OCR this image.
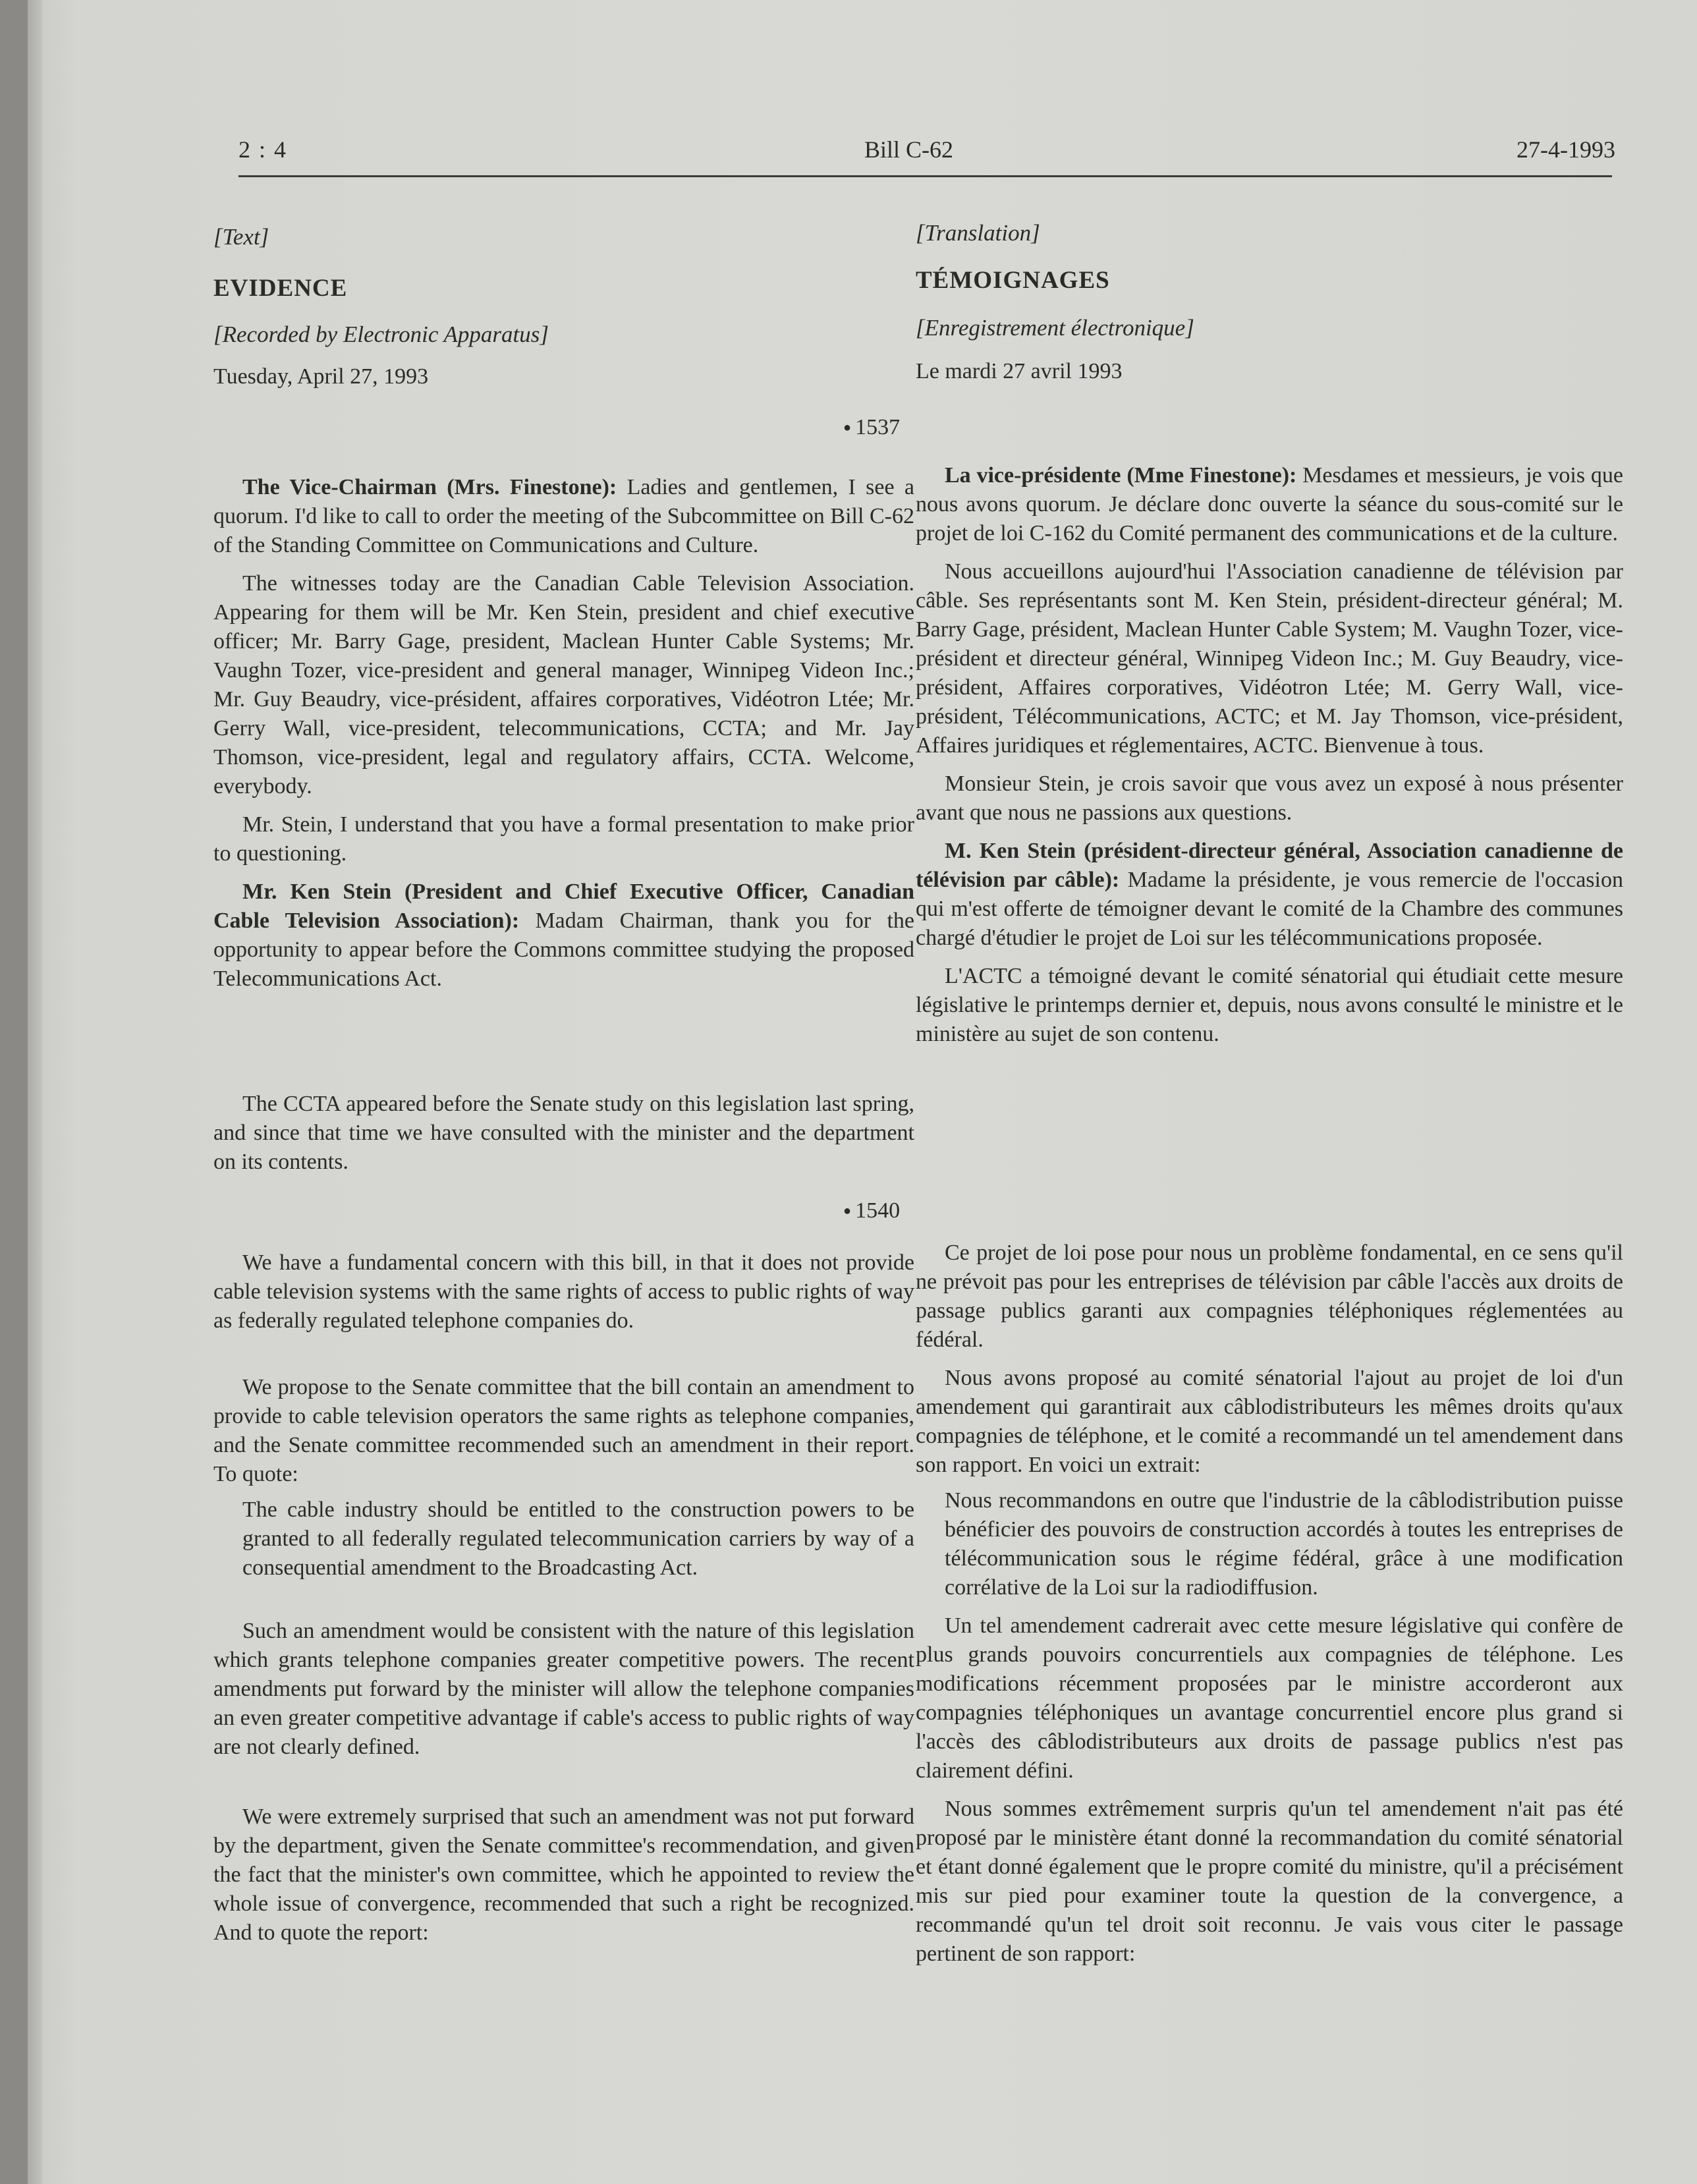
2 : 4	Bill C-62	27-4-1993
[Text]
EVIDENCE
[Recorded by Electronic Apparatus]
Tuesday, April 27, 1993
● 1537

The Vice-Chairman (Mrs. Finestone): Ladies and gentlemen, I see a quorum. I'd like to call to order the meeting of the Subcommittee on Bill C-62 of the Standing Committee on Communications and Culture.

The witnesses today are the Canadian Cable Television Association. Appearing for them will be Mr. Ken Stein, president and chief executive officer; Mr. Barry Gage, president, Maclean Hunter Cable Systems; Mr. Vaughn Tozer, vice-president and general manager, Winnipeg Videon Inc.; Mr. Guy Beaudry, vice-président, affaires corporatives, Vidéotron Ltée; Mr. Gerry Wall, vice-president, telecommunications, CCTA; and Mr. Jay Thomson, vice-president, legal and regulatory affairs, CCTA. Welcome, everybody.

Mr. Stein, I understand that you have a formal presentation to make prior to questioning.

Mr. Ken Stein (President and Chief Executive Officer, Canadian Cable Television Association): Madam Chairman, thank you for the opportunity to appear before the Commons committee studying the proposed Telecommunications Act.

The CCTA appeared before the Senate study on this legislation last spring, and since that time we have consulted with the minister and the department on its contents.

● 1540

We have a fundamental concern with this bill, in that it does not provide cable television systems with the same rights of access to public rights of way as federally regulated telephone companies do.

We propose to the Senate committee that the bill contain an amendment to provide to cable television operators the same rights as telephone companies, and the Senate committee recommended such an amendment in their report. To quote:

The cable industry should be entitled to the construction powers to be granted to all federally regulated telecommunication carriers by way of a consequential amendment to the Broadcasting Act.

Such an amendment would be consistent with the nature of this legislation which grants telephone companies greater competitive powers. The recent amendments put forward by the minister will allow the telephone companies an even greater competitive advantage if cable's access to public rights of way are not clearly defined.

We were extremely surprised that such an amendment was not put forward by the department, given the Senate committee's recommendation, and given the fact that the minister's own committee, which he appointed to review the whole issue of convergence, recommended that such a right be recognized. And to quote the report:

[Translation]
TÉMOIGNAGES
[Enregistrement électronique]
Le mardi 27 avril 1993

La vice-présidente (Mme Finestone): Mesdames et messieurs, je vois que nous avons quorum. Je déclare donc ouverte la séance du sous-comité sur le projet de loi C-162 du Comité permanent des communications et de la culture.

Nous accueillons aujourd'hui l'Association canadienne de télévision par câble. Ses représentants sont M. Ken Stein, président-directeur général; M. Barry Gage, président, Maclean Hunter Cable System; M. Vaughn Tozer, vice-président et directeur général, Winnipeg Videon Inc.; M. Guy Beaudry, vice-président, Affaires corporatives, Vidéotron Ltée; M. Gerry Wall, vice-président, Télécommunications, ACTC; et M. Jay Thomson, vice-président, Affaires juridiques et réglementaires, ACTC. Bienvenue à tous.

Monsieur Stein, je crois savoir que vous avez un exposé à nous présenter avant que nous ne passions aux questions.

M. Ken Stein (président-directeur général, Association canadienne de télévision par câble): Madame la présidente, je vous remercie de l'occasion qui m'est offerte de témoigner devant le comité de la Chambre des communes chargé d'étudier le projet de Loi sur les télécommunications proposée.

L'ACTC a témoigné devant le comité sénatorial qui étudiait cette mesure législative le printemps dernier et, depuis, nous avons consulté le ministre et le ministère au sujet de son contenu.

Ce projet de loi pose pour nous un problème fondamental, en ce sens qu'il ne prévoit pas pour les entreprises de télévision par câble l'accès aux droits de passage publics garanti aux compagnies téléphoniques réglementées au fédéral.

Nous avons proposé au comité sénatorial l'ajout au projet de loi d'un amendement qui garantirait aux câblodistributeurs les mêmes droits qu'aux compagnies de téléphone, et le comité a recommandé un tel amendement dans son rapport. En voici un extrait:

Nous recommandons en outre que l'industrie de la câblodistribution puisse bénéficier des pouvoirs de construction accordés à toutes les entreprises de télécommunication sous le régime fédéral, grâce à une modification corrélative de la Loi sur la radiodiffusion.

Un tel amendement cadrerait avec cette mesure législative qui confère de plus grands pouvoirs concurrentiels aux compagnies de téléphone. Les modifications récemment proposées par le ministre accorderont aux compagnies téléphoniques un avantage concurrentiel encore plus grand si l'accès des câblodistributeurs aux droits de passage publics n'est pas clairement défini.

Nous sommes extrêmement surpris qu'un tel amendement n'ait pas été proposé par le ministère étant donné la recommandation du comité sénatorial et étant donné également que le propre comité du ministre, qu'il a précisément mis sur pied pour examiner toute la question de la convergence, a recommandé qu'un tel droit soit reconnu. Je vais vous citer le passage pertinent de son rapport:
